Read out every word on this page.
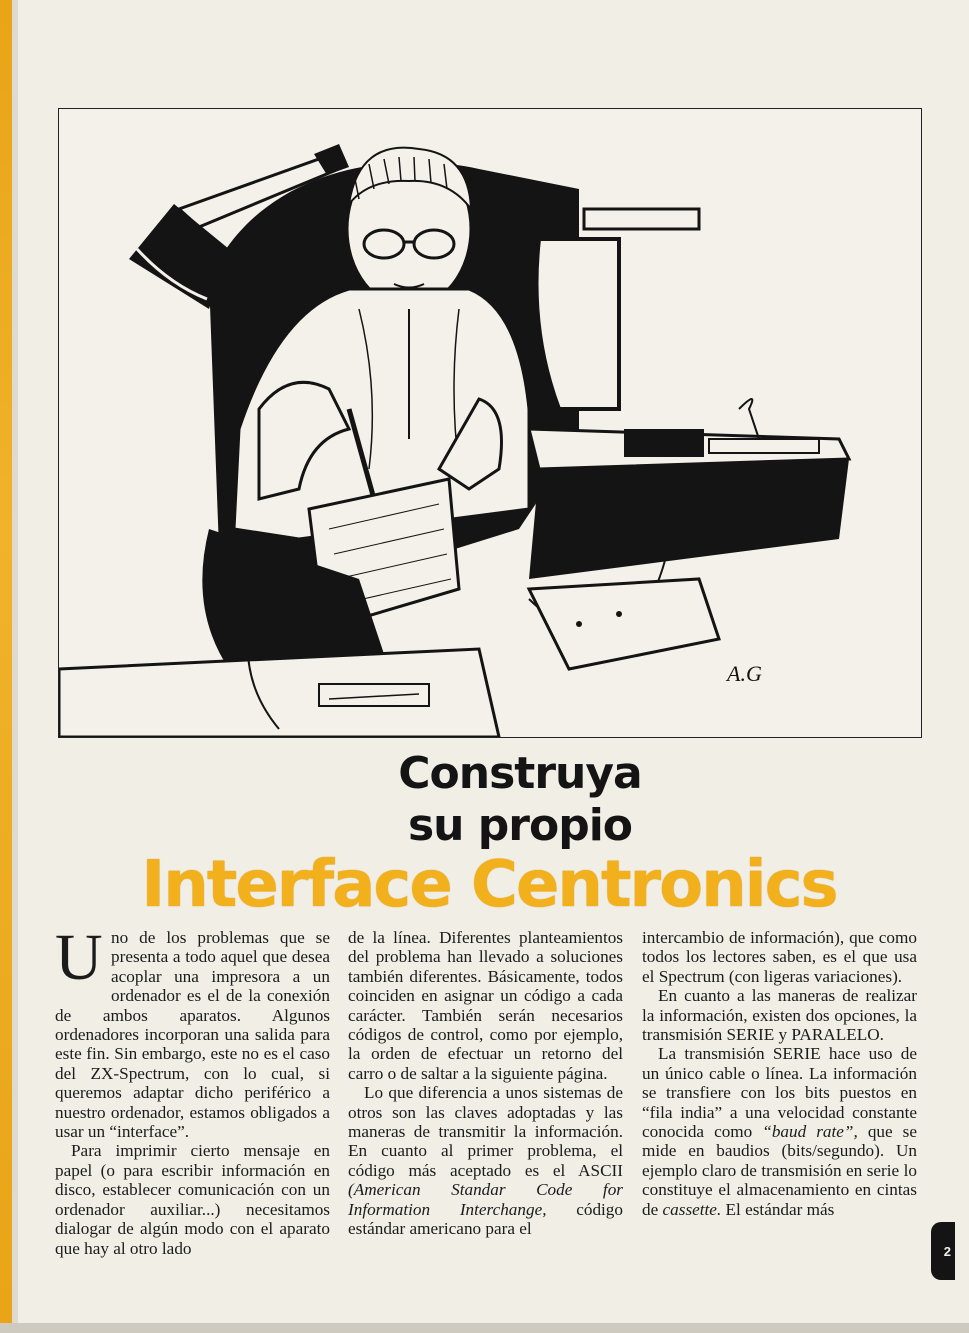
A.G
Construya
su propio
Interface Centronics
U no de los problemas que se presenta a todo aquel que desea acoplar una impresora a un ordenador es el de la conexión de ambos aparatos. Algunos ordenadores incorporan una salida para este fin. Sin embargo, este no es el caso del ZX-Spectrum, con lo cual, si queremos adaptar dicho periférico a nuestro ordenador, estamos obligados a usar un “interface”.

Para imprimir cierto mensaje en papel (o para escribir información en disco, establecer comunicación con un ordenador auxiliar...) necesitamos dialogar de algún modo con el aparato que hay al otro lado

de la línea. Diferentes planteamientos del problema han llevado a soluciones también diferentes. Básicamente, todos coinciden en asignar un código a cada carácter. También serán necesarios códigos de control, como por ejemplo, la orden de efectuar un retorno del carro o de saltar a la siguiente página.

Lo que diferencia a unos sistemas de otros son las claves adoptadas y las maneras de transmitir la información. En cuanto al primer problema, el código más aceptado es el ASCII (American Standar Code for Information Interchange, código estándar americano para el

intercambio de información), que como todos los lectores saben, es el que usa el Spectrum (con ligeras variaciones).

En cuanto a las maneras de realizar la información, existen dos opciones, la transmisión SERIE y PARALELO.

La transmisión SERIE hace uso de un único cable o línea. La información se transfiere con los bits puestos en “fila india” a una velocidad constante conocida como “baud rate”, que se mide en baudios (bits/segundo). Un ejemplo claro de transmisión en serie lo constituye el almacenamiento en cintas de cassette. El estándar más

2
